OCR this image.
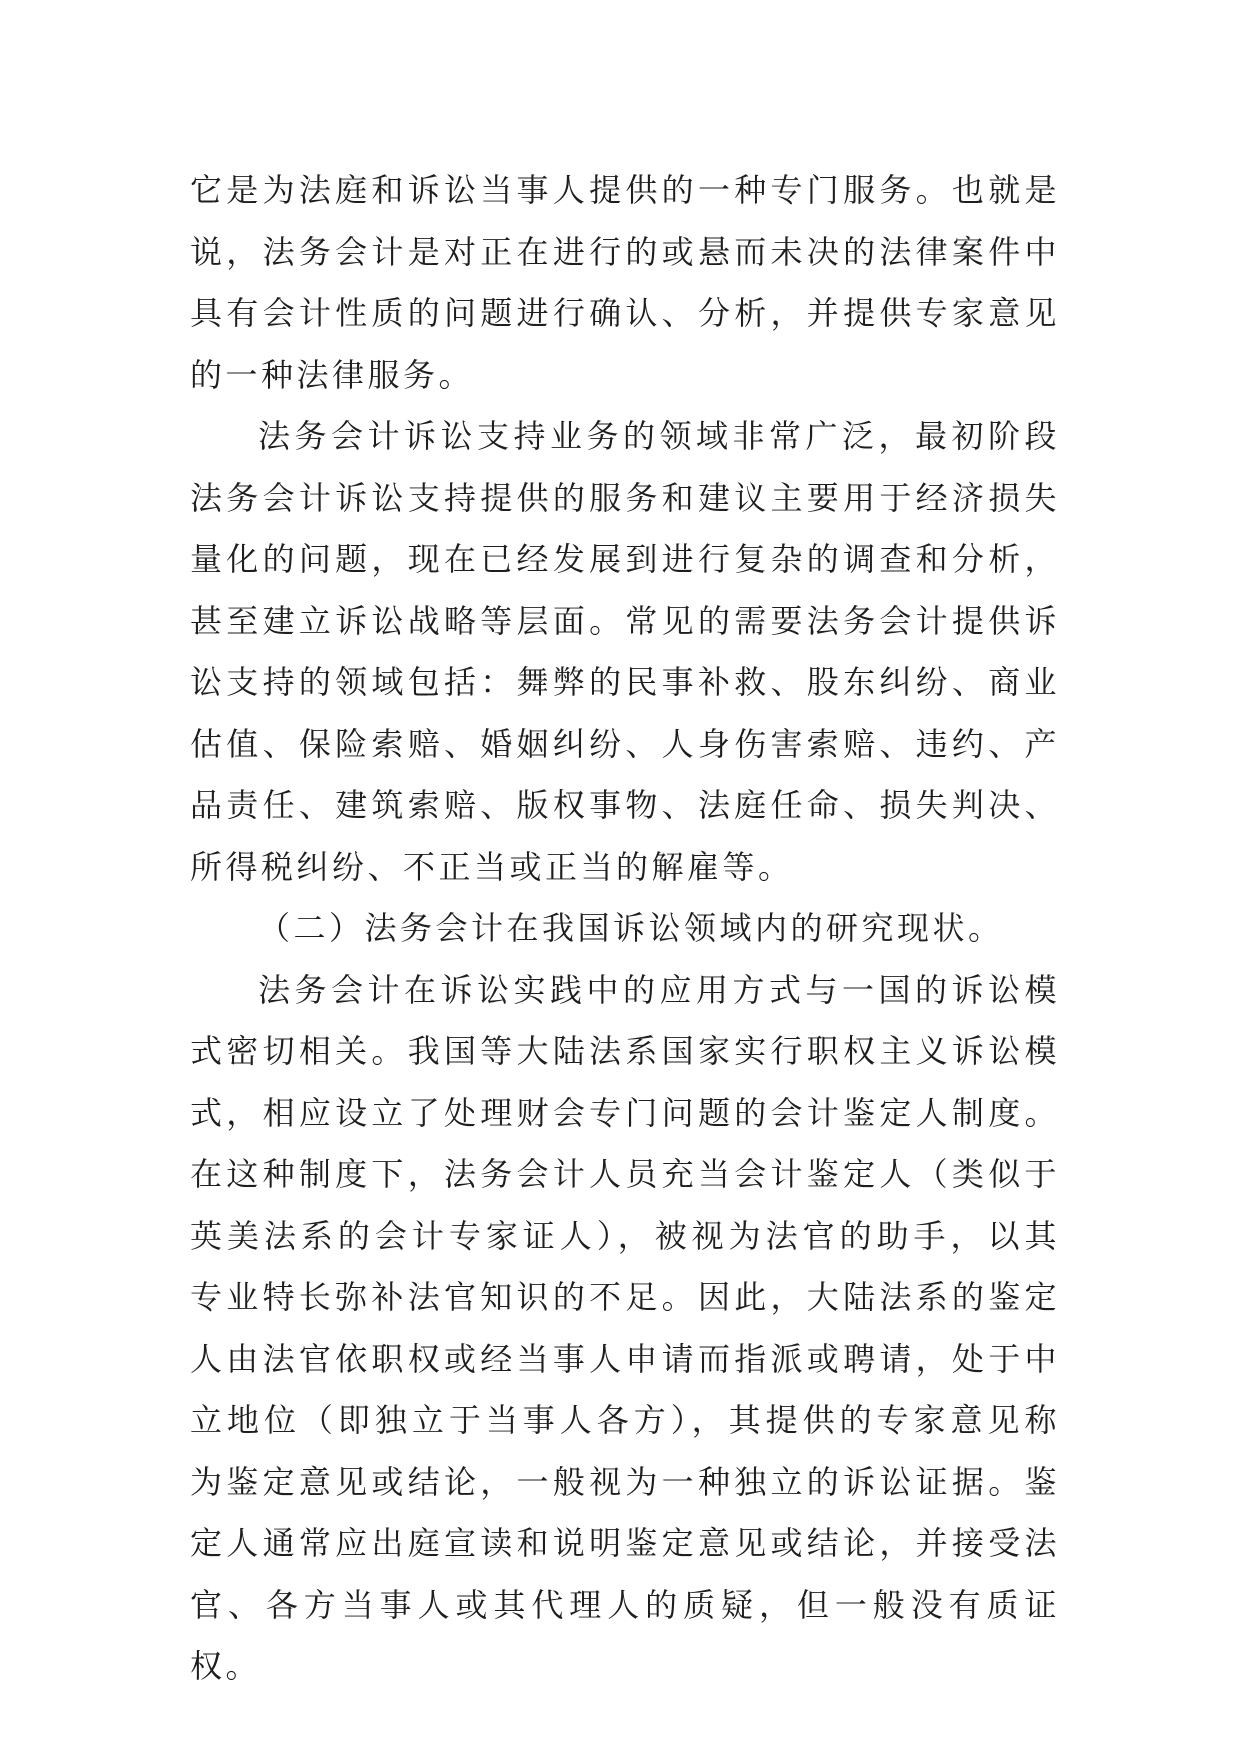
它是为法庭和诉讼当事人提供的一种专门服务。也就是说，法务会计是对正在进行的或悬而未决的法律案件中具有会计性质的问题进行确认、分析，并提供专家意见的一种法律服务。

法务会计诉讼支持业务的领域非常广泛，最初阶段法务会计诉讼支持提供的服务和建议主要用于经济损失量化的问题，现在已经发展到进行复杂的调查和分析，甚至建立诉讼战略等层面。常见的需要法务会计提供诉讼支持的领域包括：舞弊的民事补救、股东纠纷、商业估值、保险索赔、婚姻纠纷、人身伤害索赔、违约、产品责任、建筑索赔、版权事物、法庭任命、损失判决、所得税纠纷、不正当或正当的解雇等。

（二）法务会计在我国诉讼领域内的研究现状。

法务会计在诉讼实践中的应用方式与一国的诉讼模式密切相关。我国等大陆法系国家实行职权主义诉讼模式，相应设立了处理财会专门问题的会计鉴定人制度。在这种制度下，法务会计人员充当会计鉴定人（类似于英美法系的会计专家证人），被视为法官的助手，以其专业特长弥补法官知识的不足。因此，大陆法系的鉴定人由法官依职权或经当事人申请而指派或聘请，处于中立地位（即独立于当事人各方），其提供的专家意见称为鉴定意见或结论，一般视为一种独立的诉讼证据。鉴定人通常应出庭宣读和说明鉴定意见或结论，并接受法官、各方当事人或其代理人的质疑，但一般没有质证权。
